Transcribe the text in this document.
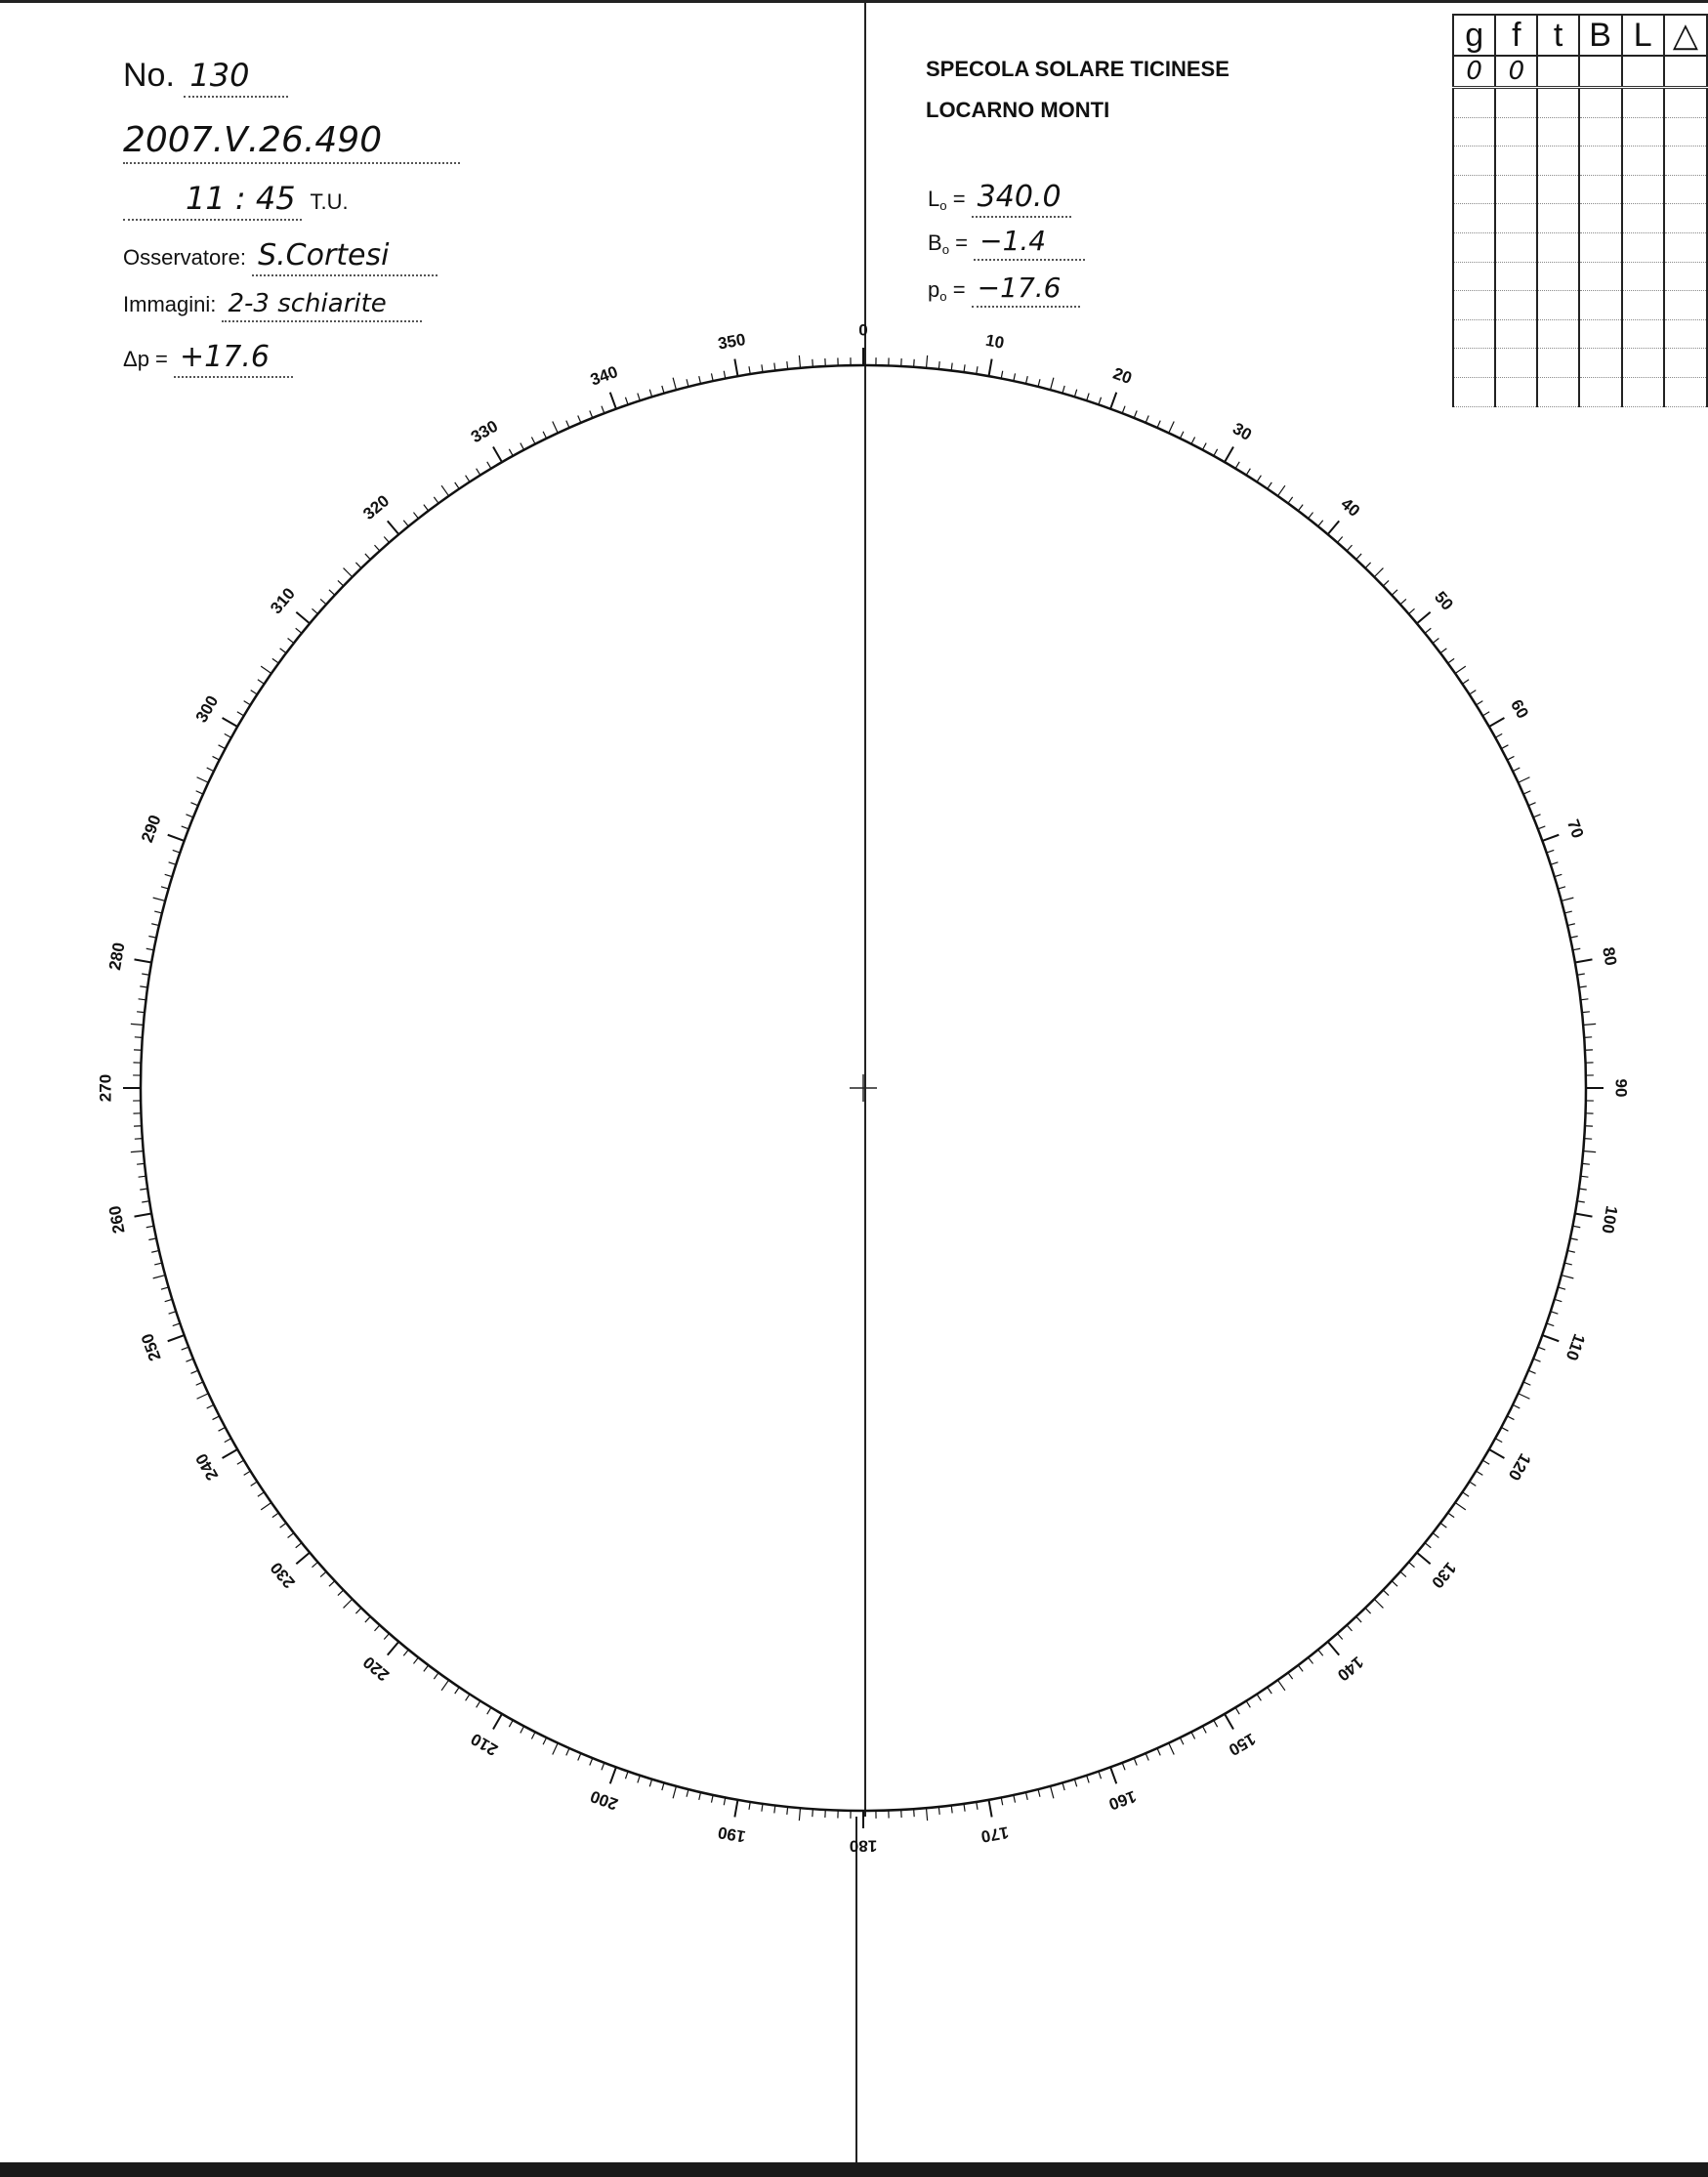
No. 130
2007.Ⅴ.26.490
11 : 45 T.U.
Osservatore: S.Cortesi
Immagini: 2-3 schiarite
Δp = +17.6
SPECOLA SOLARE TICINESE
LOCARNO MONTI
$L_o = 340.0$
$B_o = -1.4$
$p_o = -17.6$
g	f	t	B	L	△
0	0				

0
10
20
30
40
50
60
70
80
90
100
110
120
130
140
150
160
170
180
190
200
210
220
230
240
250
260
270
280
290
300
310
320
330
340
350
